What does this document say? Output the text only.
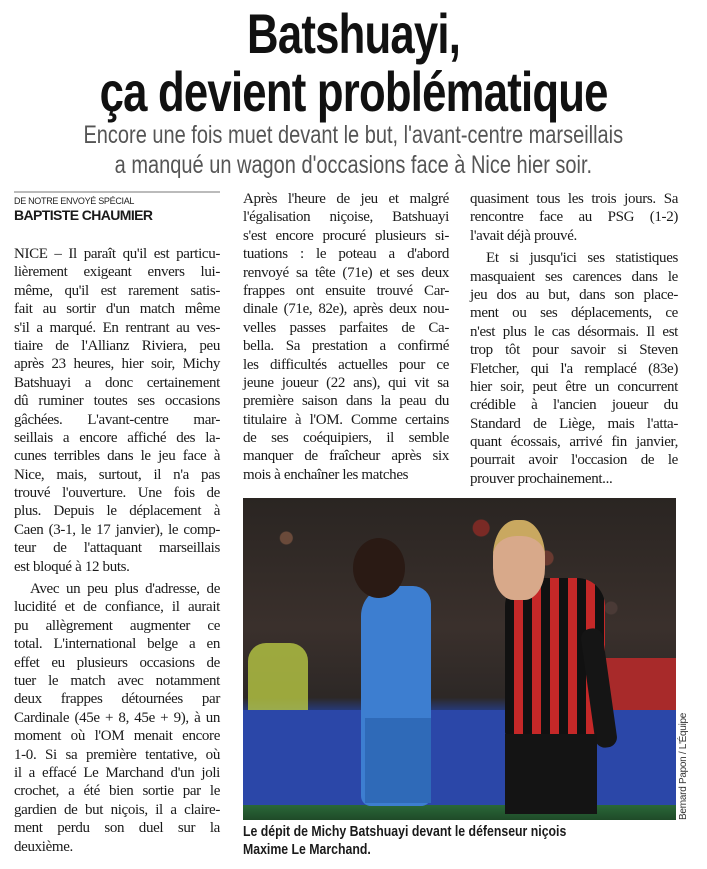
Batshuayi,
ça devient problématique
Encore une fois muet devant le but, l'avant-centre marseillais
a manqué un wagon d'occasions face à Nice hier soir.
DE NOTRE ENVOYÉ SPÉCIAL
BAPTISTE CHAUMIER
NICE – Il paraît qu'il est particu-
lièrement exigeant envers lui-
même, qu'il est rarement satis-
fait au sortir d'un match même
s'il a marqué. En rentrant au ves-
tiaire de l'Allianz Riviera, peu
après 23 heures, hier soir, Michy
Batshuayi a donc certainement
dû ruminer toutes ses occasions
gâchées. L'avant-centre mar-
seillais a encore affiché des la-
cunes terribles dans le jeu face à
Nice, mais, surtout, il n'a pas
trouvé l'ouverture. Une fois de
plus. Depuis le déplacement à
Caen (3-1, le 17 janvier), le comp-
teur de l'attaquant marseillais
est bloqué à 12 buts.
Avec un peu plus d'adresse, de
lucidité et de confiance, il aurait
pu allègrement augmenter ce
total. L'international belge a en
effet eu plusieurs occasions de
tuer le match avec notamment
deux frappes détournées par
Cardinale (45e + 8, 45e + 9), à un
moment où l'OM menait encore
1-0. Si sa première tentative, où
il a effacé Le Marchand d'un joli
crochet, a été bien sortie par le
gardien de but niçois, il a claire-
ment perdu son duel sur la
deuxième.
Après l'heure de jeu et malgré
l'égalisation niçoise, Batshuayi
s'est encore procuré plusieurs si-
tuations : le poteau a d'abord
renvoyé sa tête (71e) et ses deux
frappes ont ensuite trouvé Car-
dinale (71e, 82e), après deux nou-
velles passes parfaites de Ca-
bella. Sa prestation a confirmé
les difficultés actuelles pour ce
jeune joueur (22 ans), qui vit sa
première saison dans la peau du
titulaire à l'OM. Comme certains
de ses coéquipiers, il semble
manquer de fraîcheur après six
mois à enchaîner les matches
quasiment tous les trois jours. Sa
rencontre face au PSG (1-2)
l'avait déjà prouvé.
Et si jusqu'ici ses statistiques
masquaient ses carences dans le
jeu dos au but, dans son place-
ment ou ses déplacements, ce
n'est plus le cas désormais. Il est
trop tôt pour savoir si Steven
Fletcher, qui l'a remplacé (83e)
hier soir, peut être un concurrent
crédible à l'ancien joueur du
Standard de Liège, mais l'atta-
quant écossais, arrivé fin janvier,
pourrait avoir l'occasion de le
prouver prochainement...
Bernard Papon / L'Équipe
Le dépit de Michy Batshuayi devant le défenseur niçois
Maxime Le Marchand.
